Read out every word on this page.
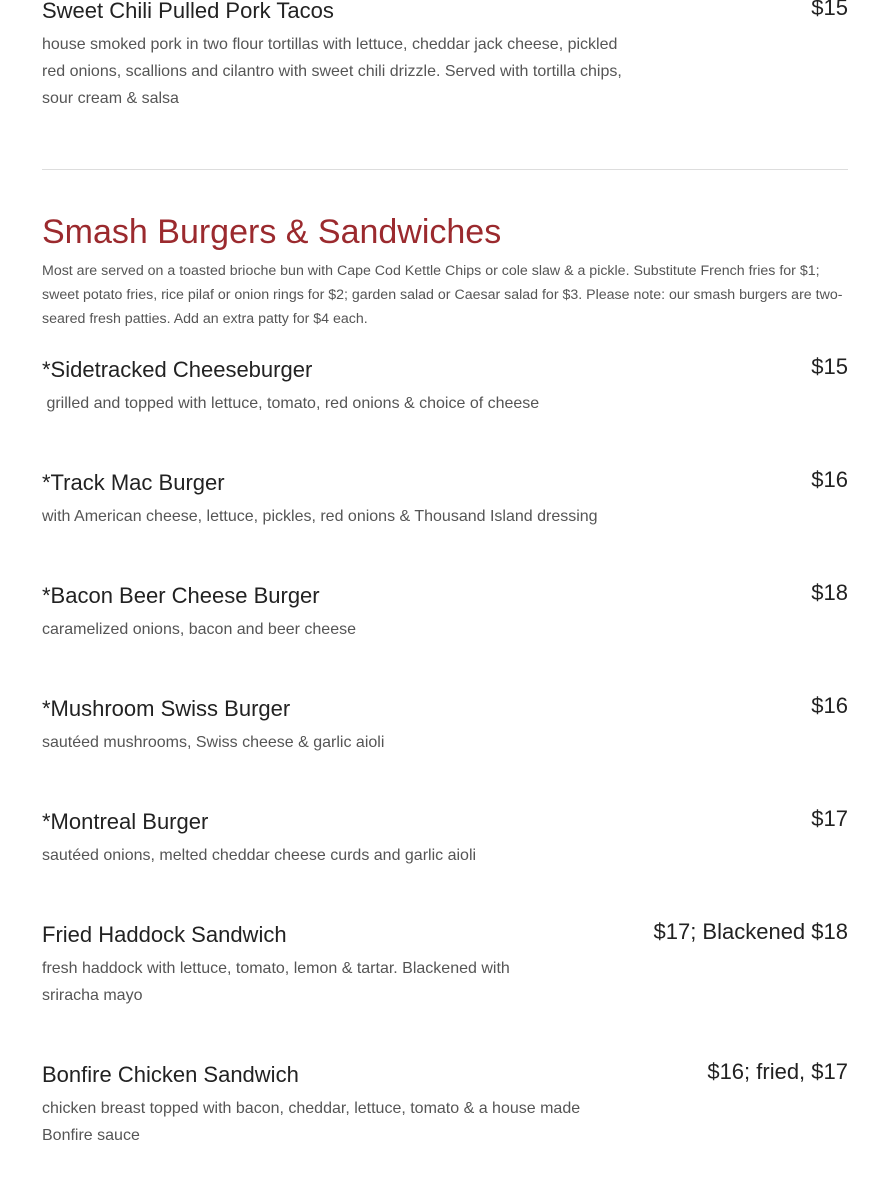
Sweet Chili Pulled Pork Tacos	$15
house smoked pork in two flour tortillas with lettuce, cheddar jack cheese, pickled red onions, scallions and cilantro with sweet chili drizzle. Served with tortilla chips, sour cream & salsa
Smash Burgers & Sandwiches

Most are served on a toasted brioche bun with Cape Cod Kettle Chips or cole slaw & a pickle. Substitute French fries for $1; sweet potato fries, rice pilaf or onion rings for $2; garden salad or Caesar salad for $3. Please note: our smash burgers are two-seared fresh patties. Add an extra patty for $4 each.

*Sidetracked Cheeseburger	$15
grilled and topped with lettuce, tomato, red onions & choice of cheese
*Track Mac Burger	$16
with American cheese, lettuce, pickles, red onions & Thousand Island dressing
*Bacon Beer Cheese Burger	$18
caramelized onions, bacon and beer cheese
*Mushroom Swiss Burger	$16
sautéed mushrooms, Swiss cheese & garlic aioli
*Montreal Burger	$17
sautéed onions, melted cheddar cheese curds and garlic aioli
Fried Haddock Sandwich	$17; Blackened $18
fresh haddock with lettuce, tomato, lemon & tartar. Blackened with sriracha mayo
Bonfire Chicken Sandwich	$16; fried, $17
chicken breast topped with bacon, cheddar, lettuce, tomato & a house made Bonfire sauce
